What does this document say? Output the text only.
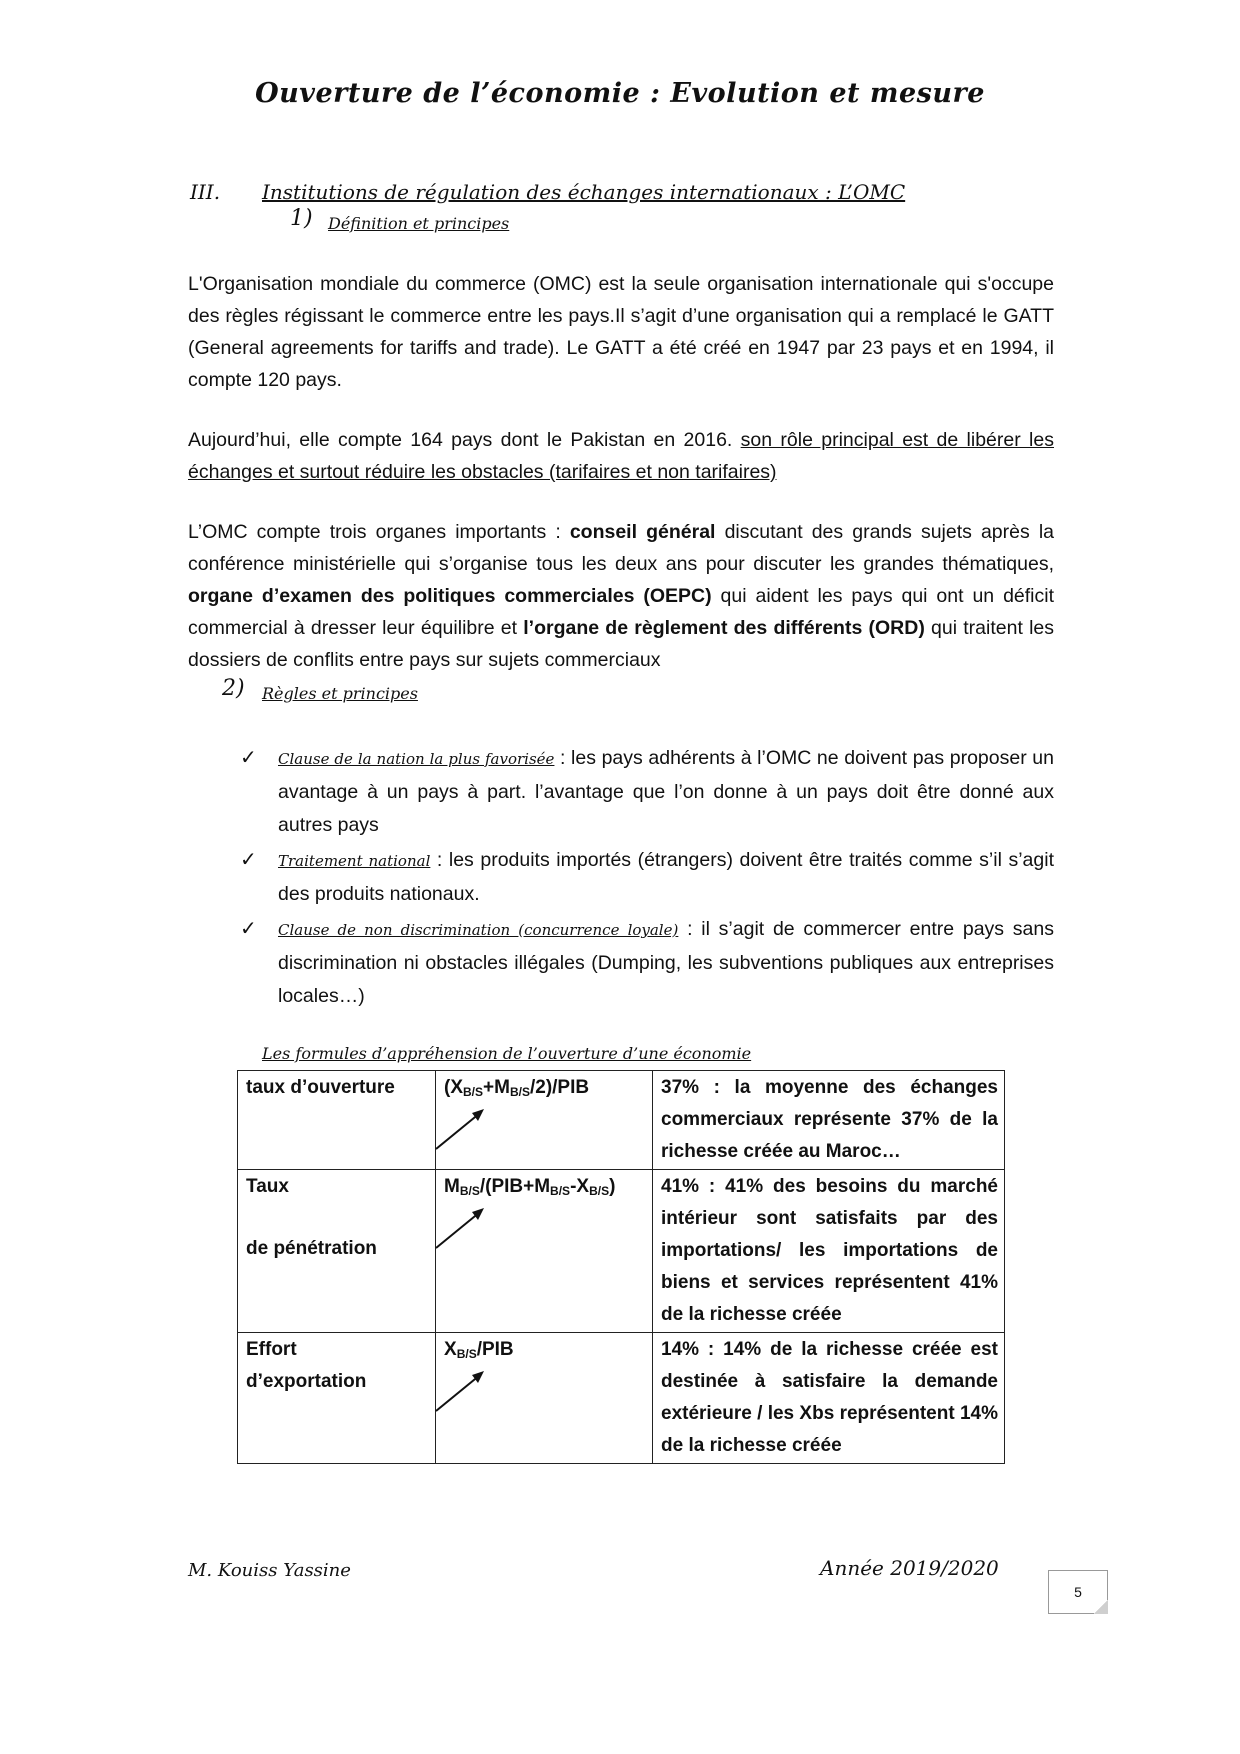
Ouverture de l’économie : Evolution et mesure
III. Institutions de régulation des échanges internationaux : L’OMC
1) Définition et principes
L'Organisation mondiale du commerce (OMC) est la seule organisation internationale qui s'occupe des règles régissant le commerce entre les pays.Il s’agit d’une organisation qui a remplacé le GATT (General agreements for tariffs and trade). Le GATT a été créé en 1947 par 23 pays et en 1994, il compte 120 pays.
Aujourd’hui, elle compte 164 pays dont le Pakistan en 2016. son rôle principal est de libérer les échanges et surtout réduire les obstacles (tarifaires et non tarifaires)
L’OMC compte trois organes importants : conseil général discutant des grands sujets après la conférence ministérielle qui s’organise tous les deux ans pour discuter les grandes thématiques, organe d’examen des politiques commerciales (OEPC) qui aident les pays qui ont un déficit commercial à dresser leur équilibre et l’organe de règlement des différents (ORD) qui traitent les dossiers de conflits entre pays sur sujets commerciaux
2) Règles et principes
✓ Clause de la nation la plus favorisée : les pays adhérents à l’OMC ne doivent pas proposer un avantage à un pays à part. l’avantage que l’on donne à un pays doit être donné aux autres pays
✓ Traitement national : les produits importés (étrangers) doivent être traités comme s’il s’agit des produits nationaux.
✓ Clause de non discrimination (concurrence loyale) : il s’agit de commercer entre pays sans discrimination ni obstacles illégales (Dumping, les subventions publiques aux entreprises locales…)
Les formules d’appréhension de l’ouverture d’une économie
taux d’ouverture	$(X_{B/S}+M_{B/S}/2)$/PIB	37% : la moyenne des échanges commerciaux représente 37% de la richesse créée au Maroc…

Taux
de pénétration	$M_{B/S}/(PIB+M_{B/S}-X_{B/S})$	41% : 41% des besoins du marché intérieur sont satisfaits par des importations/ les importations de biens et services représentent 41% de la richesse créée

Effort
d’exportation	$X_{B/S}$/PIB	14% : 14% de la richesse créée est destinée à satisfaire la demande extérieure / les Xbs représentent 14% de la richesse créée
M. Kouiss Yassine	Année 2019/2020
5
